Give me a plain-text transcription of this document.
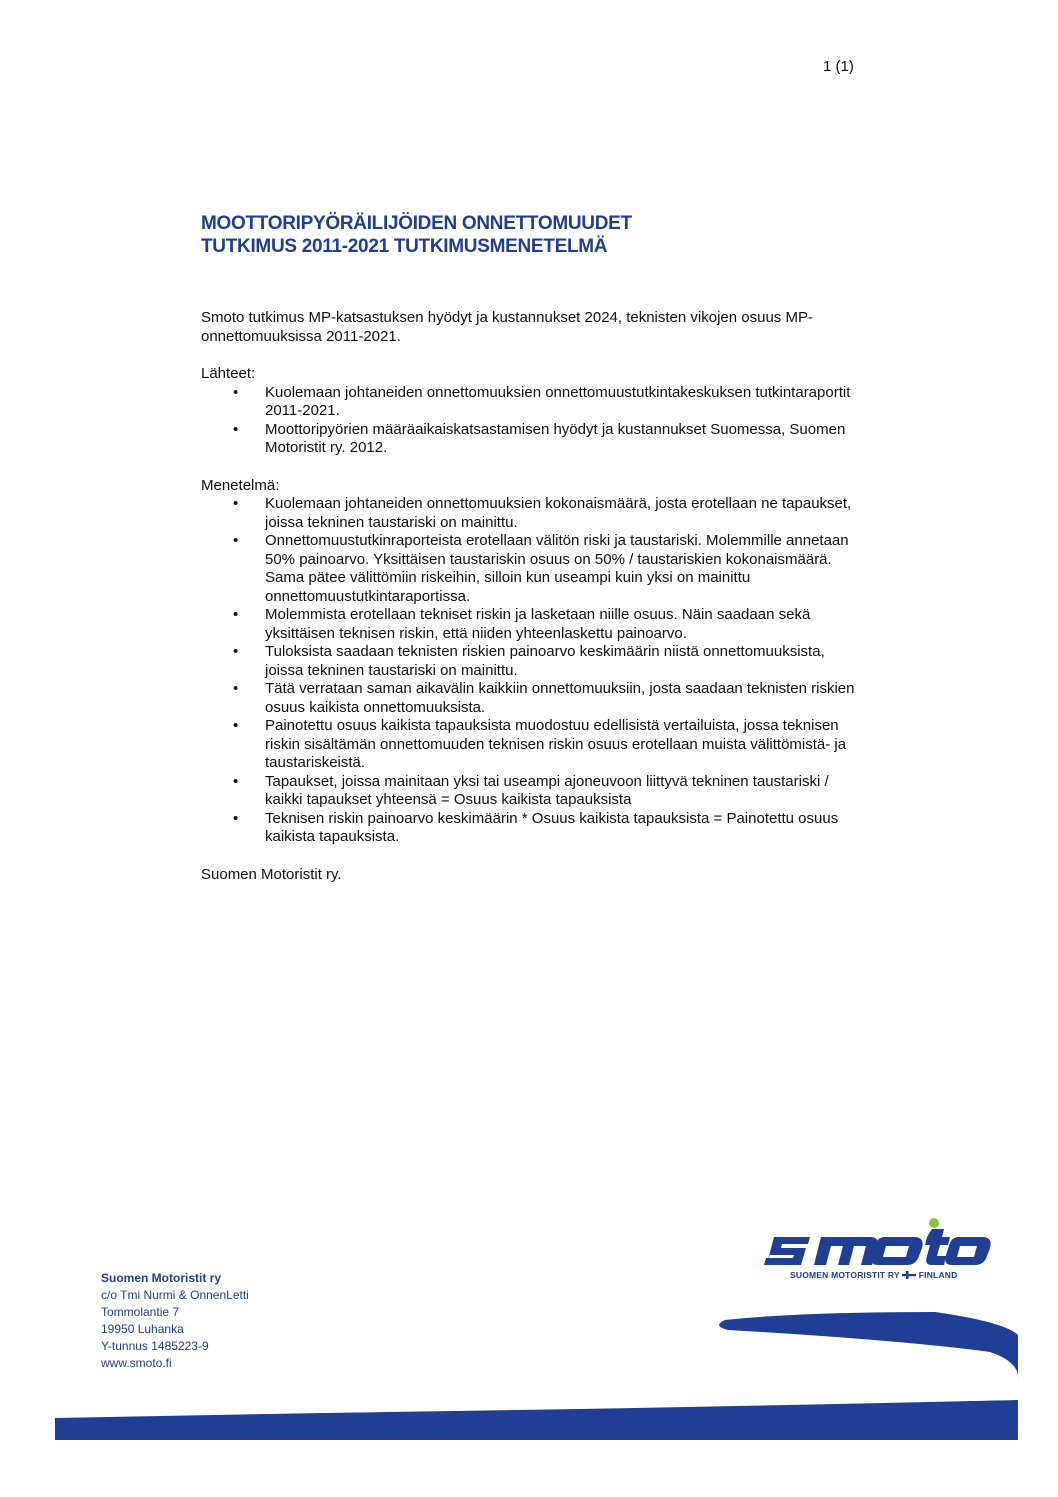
1 (1)
MOOTTORIPYÖRÄILIJÖIDEN ONNETTOMUUDET
TUTKIMUS 2011-2021 TUTKIMUSMENETELMÄ

Smoto tutkimus MP-katsastuksen hyödyt ja kustannukset 2024, teknisten vikojen osuus MP-onnettomuuksissa 2011-2021.

Lähteet:

• Kuolemaan johtaneiden onnettomuuksien onnettomuustutkintakeskuksen tutkintaraportit 2011-2021.
• Moottoripyörien määräaikaiskatsastamisen hyödyt ja kustannukset Suomessa, Suomen Motoristit ry. 2012.

Menetelmä:

• Kuolemaan johtaneiden onnettomuuksien kokonaismäärä, josta erotellaan ne tapaukset, joissa tekninen taustariski on mainittu.
• Onnettomuustutkinraporteista erotellaan välitön riski ja taustariski. Molemmille annetaan 50% painoarvo. Yksittäisen taustariskin osuus on 50% / taustariskien kokonaismäärä. Sama pätee välittömiin riskeihin, silloin kun useampi kuin yksi on mainittu onnettomuustutkintaraportissa.
• Molemmista erotellaan tekniset riskin ja lasketaan niille osuus. Näin saadaan sekä yksittäisen teknisen riskin, että niiden yhteenlaskettu painoarvo.
• Tuloksista saadaan teknisten riskien painoarvo keskimäärin niistä onnettomuuksista, joissa tekninen taustariski on mainittu.
• Tätä verrataan saman aikavälin kaikkiin onnettomuuksiin, josta saadaan teknisten riskien osuus kaikista onnettomuuksista.
• Painotettu osuus kaikista tapauksista muodostuu edellisistä vertailuista, jossa teknisen riskin sisältämän onnettomuuden teknisen riskin osuus erotellaan muista välittömistä- ja taustariskeistä.
• Tapaukset, joissa mainitaan yksi tai useampi ajoneuvoon liittyvä tekninen taustariski / kaikki tapaukset yhteensä = Osuus kaikista tapauksista
• Teknisen riskin painoarvo keskimäärin * Osuus kaikista tapauksista = Painotettu osuus kaikista tapauksista.

Suomen Motoristit ry.

Suomen Motoristit ry
c/o Tmi Nurmi & OnnenLetti
Tommolantie 7
19950 Luhanka
Y-tunnus 1485223-9
www.smoto.fi
SUOMEN MOTORISTIT RY FINLAND
